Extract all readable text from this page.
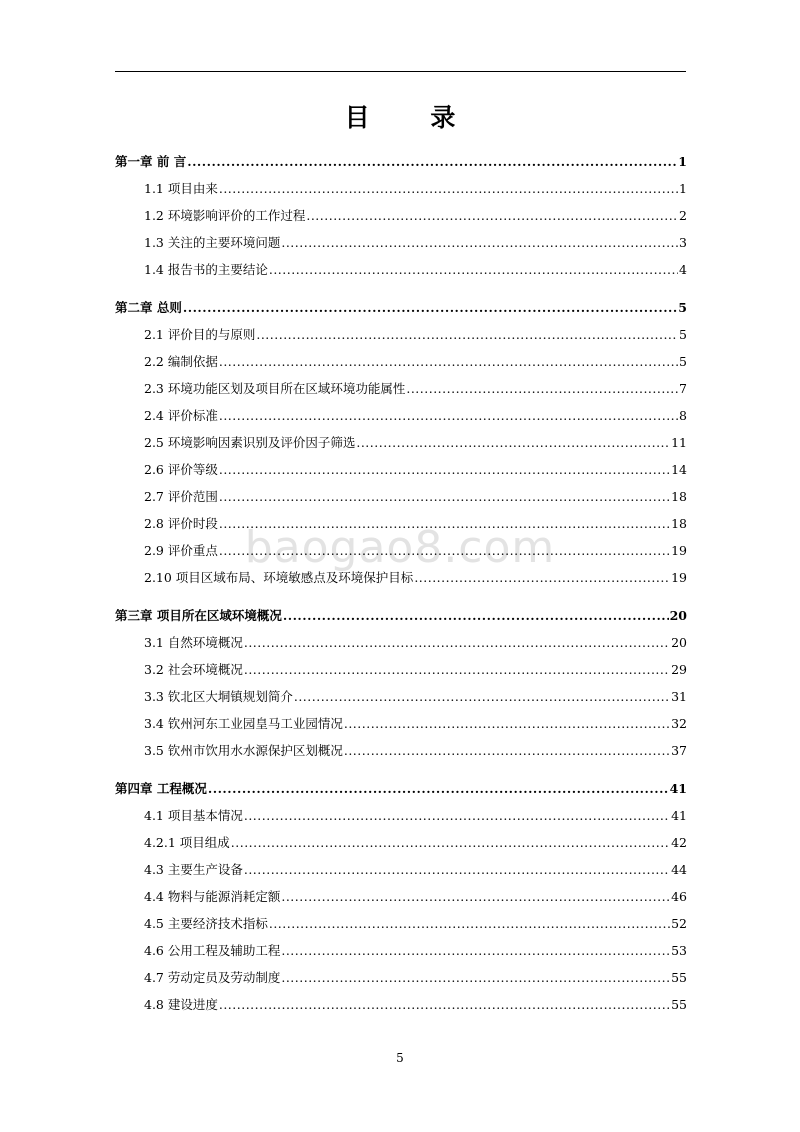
目 录
baogao8.com
第一章 前 言 .....	1
1.1 项目由来 .....	1
1.2 环境影响评价的工作过程 .....	2
1.3 关注的主要环境问题 .....	3
1.4 报告书的主要结论 .....	4
第二章 总则 .....	5
2.1 评价目的与原则 .....	5
2.2 编制依据 .....	5
2.3 环境功能区划及项目所在区域环境功能属性 .....	7
2.4 评价标准 .....	8
2.5 环境影响因素识别及评价因子筛选 .....	11
2.6 评价等级 .....	14
2.7 评价范围 .....	18
2.8 评价时段 .....	18
2.9 评价重点 .....	19
2.10 项目区域布局、环境敏感点及环境保护目标 .....	19
第三章 项目所在区域环境概况 .....	20
3.1 自然环境概况 .....	20
3.2 社会环境概况 .....	29
3.3 钦北区大垌镇规划简介 .....	31
3.4 钦州河东工业园皇马工业园情况 .....	32
3.5 钦州市饮用水水源保护区划概况 .....	37
第四章 工程概况 .....	41
4.1 项目基本情况 .....	41
4.2.1 项目组成 .....	42
4.3 主要生产设备 .....	44
4.4 物料与能源消耗定额 .....	46
4.5 主要经济技术指标 .....	52
4.6 公用工程及辅助工程 .....	53
4.7 劳动定员及劳动制度 .....	55
4.8 建设进度 .....	55
5
